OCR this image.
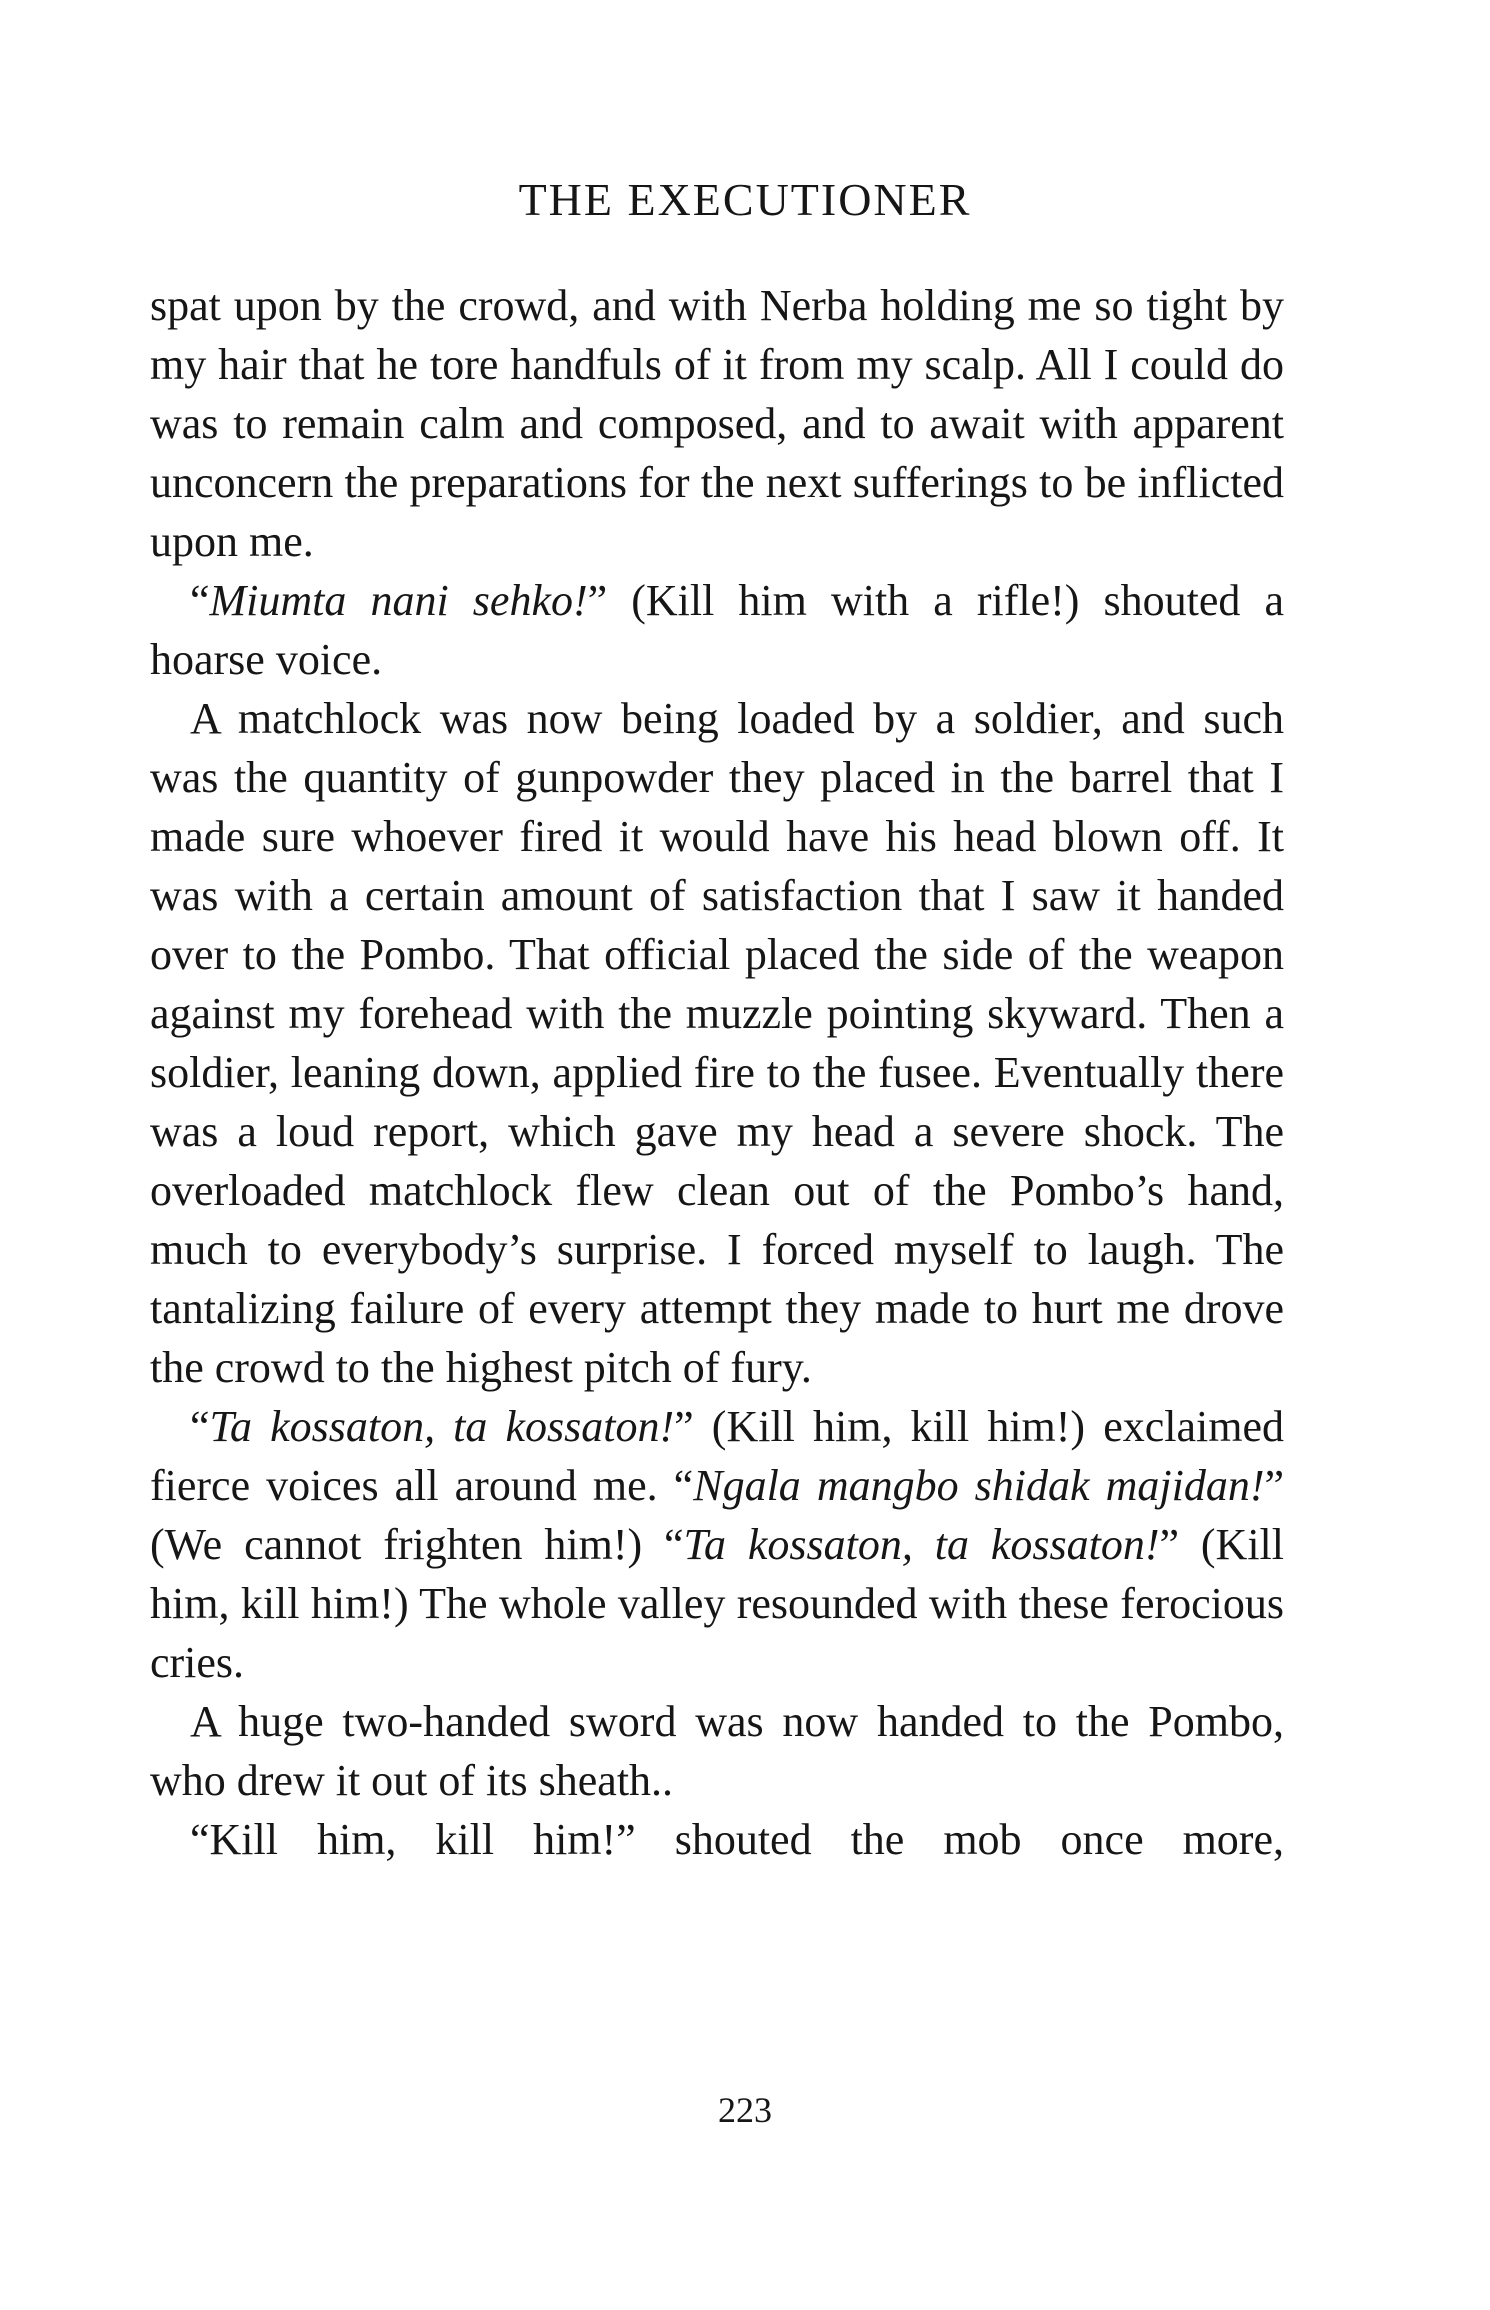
THE EXECUTIONER

spat upon by the crowd, and with Nerba holding me so tight by my hair that he tore handfuls of it from my scalp. All I could do was to remain calm and composed, and to await with apparent unconcern the preparations for the next sufferings to be inflicted upon me.

“Miumta nani sehko!” (Kill him with a rifle!) shouted a hoarse voice.

A matchlock was now being loaded by a soldier, and such was the quantity of gunpowder they placed in the barrel that I made sure whoever fired it would have his head blown off. It was with a certain amount of satisfaction that I saw it handed over to the Pombo. That official placed the side of the weapon against my forehead with the muzzle pointing skyward. Then a soldier, leaning down, applied fire to the fusee. Eventually there was a loud report, which gave my head a severe shock. The overloaded matchlock flew clean out of the Pombo’s hand, much to everybody’s surprise. I forced myself to laugh. The tantalizing failure of every attempt they made to hurt me drove the crowd to the highest pitch of fury.

“Ta kossaton, ta kossaton!” (Kill him, kill him!) exclaimed fierce voices all around me. “Ngala mangbo shidak majidan!” (We cannot frighten him!) “Ta kossaton, ta kossaton!” (Kill him, kill him!) The whole valley resounded with these ferocious cries.

A huge two-handed sword was now handed to the Pombo, who drew it out of its sheath..

“Kill him, kill him!” shouted the mob once more,

223
